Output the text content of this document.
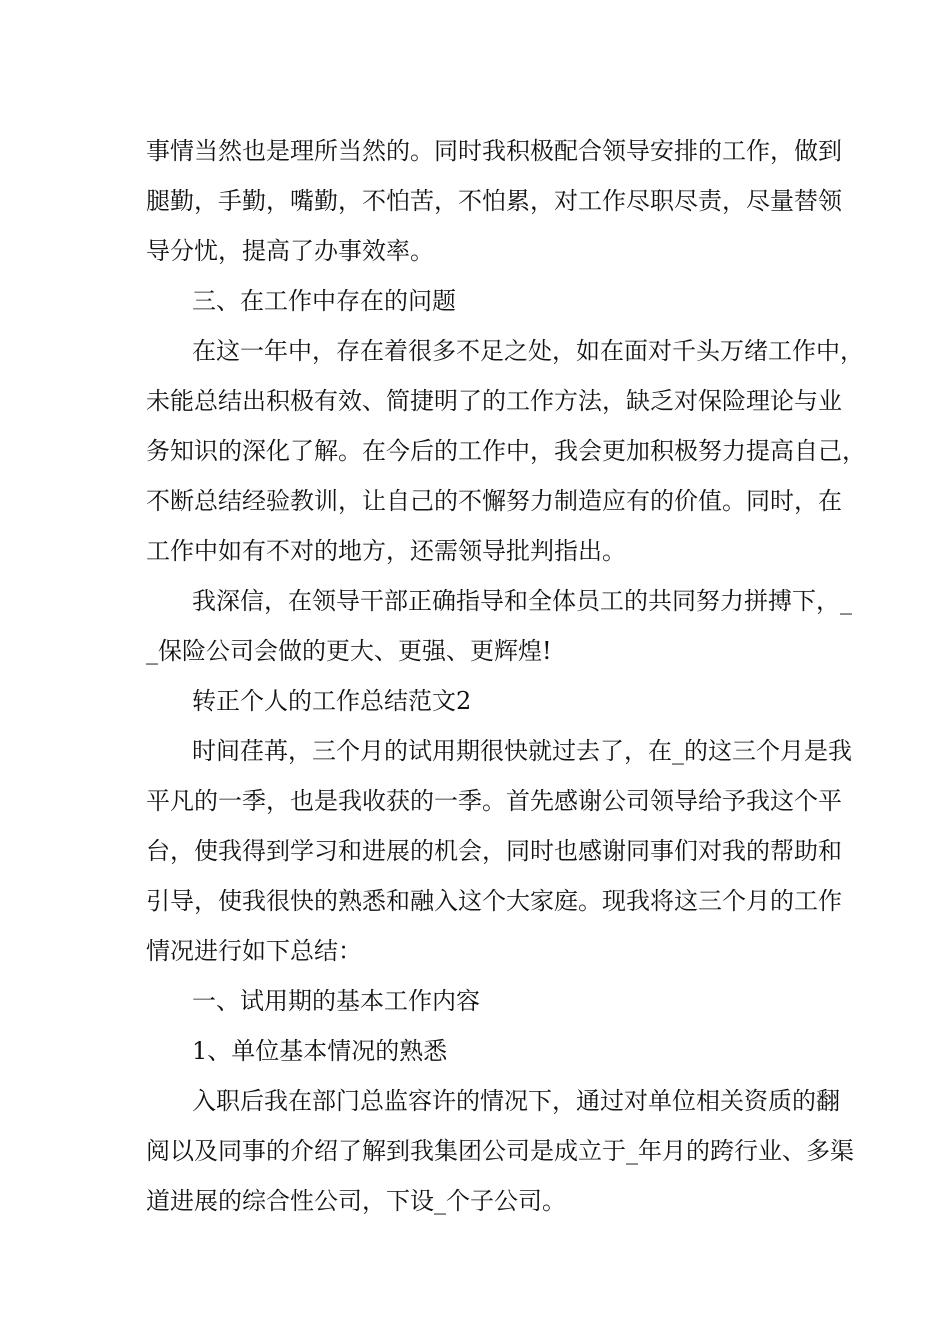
事情当然也是理所当然的。同时我积极配合领导安排的工作，做到
腿勤，手勤，嘴勤，不怕苦，不怕累，对工作尽职尽责，尽量替领
导分忧，提高了办事效率。
三、在工作中存在的问题
在这一年中，存在着很多不足之处，如在面对千头万绪工作中，
未能总结出积极有效、简捷明了的工作方法，缺乏对保险理论与业
务知识的深化了解。在今后的工作中，我会更加积极努力提高自己，
不断总结经验教训，让自己的不懈努力制造应有的价值。同时，在
工作中如有不对的地方，还需领导批判指出。
我深信，在领导干部正确指导和全体员工的共同努力拼搏下，_
_保险公司会做的更大、更强、更辉煌!
转正个人的工作总结范文2
时间荏苒，三个月的试用期很快就过去了，在_的这三个月是我
平凡的一季，也是我收获的一季。首先感谢公司领导给予我这个平
台，使我得到学习和进展的机会，同时也感谢同事们对我的帮助和
引导，使我很快的熟悉和融入这个大家庭。现我将这三个月的工作
情况进行如下总结：
一、试用期的基本工作内容
1、单位基本情况的熟悉
入职后我在部门总监容许的情况下，通过对单位相关资质的翻
阅以及同事的介绍了解到我集团公司是成立于_年月的跨行业、多渠
道进展的综合性公司，下设_个子公司。
